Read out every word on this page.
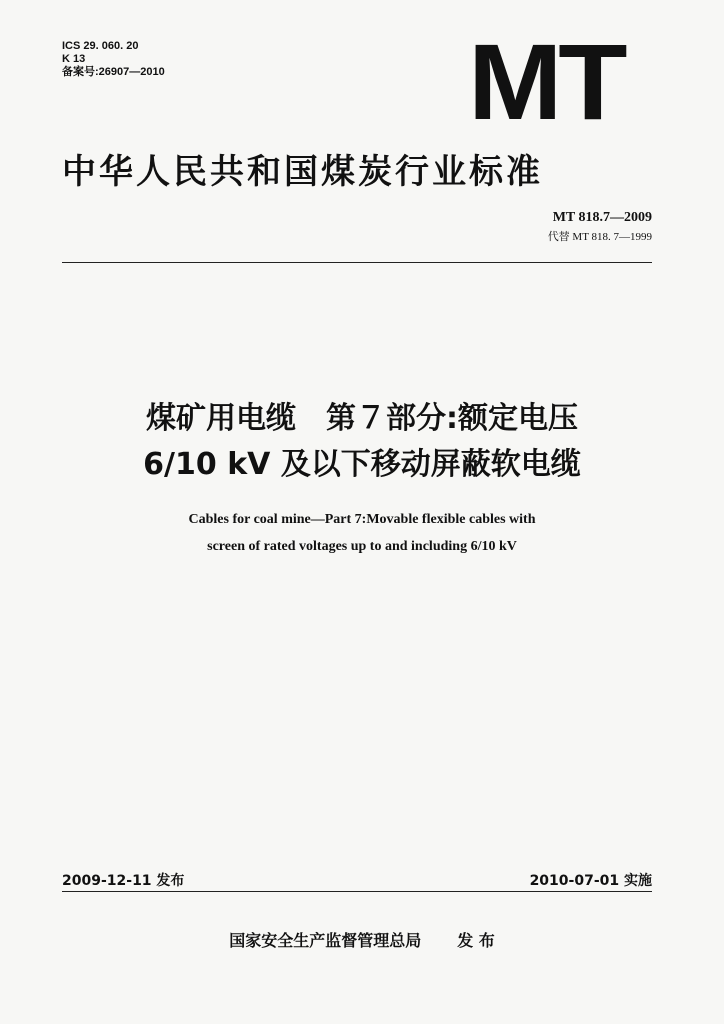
ICS 29. 060. 20
K 13
备案号:26907—2010	MT
中华人民共和国煤炭行业标准
MT 818.7—2009
代替 MT 818. 7—1999
煤矿用电缆　第７部分:额定电压
6/10 kV 及以下移动屏蔽软电缆
Cables for coal mine—Part 7:Movable flexible cables with
screen of rated voltages up to and including 6/10 kV
2009-12-11 发布	2010-07-01 实施
国家安全生产监督管理总局 发 布
